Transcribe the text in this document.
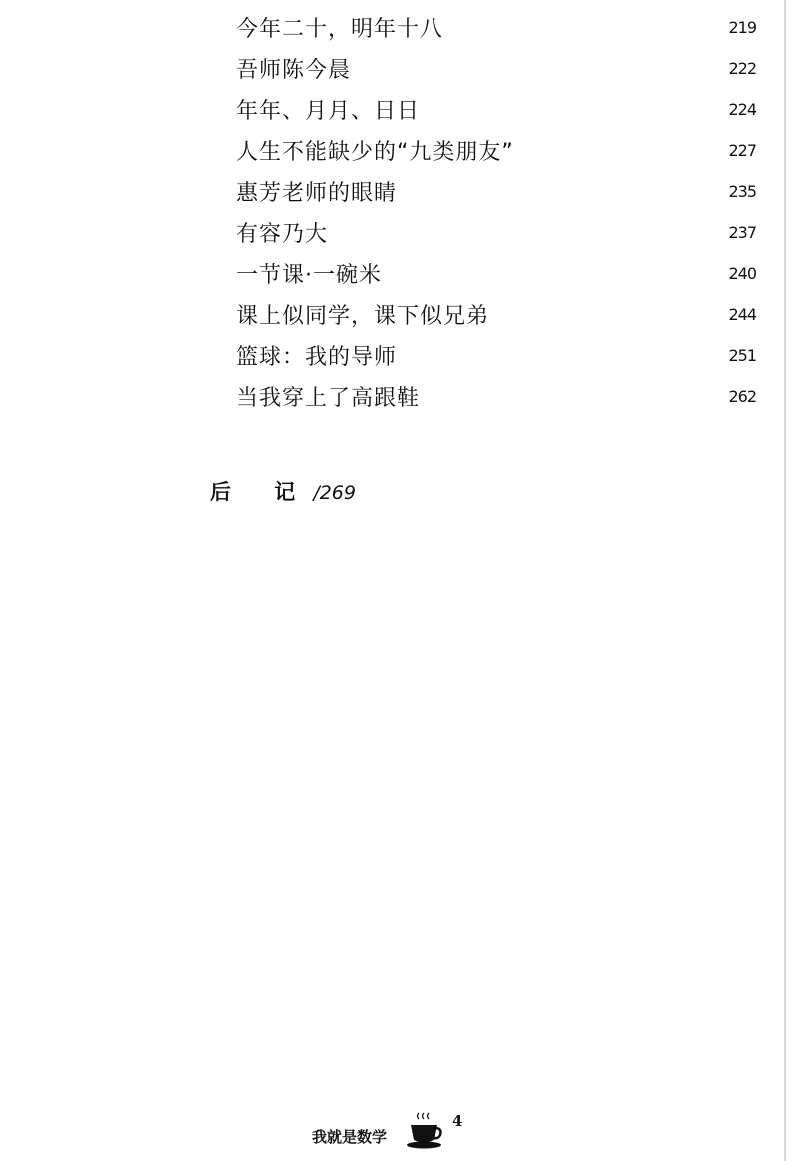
今年二十，明年十八	219
吾师陈今晨	222
年年、月月、日日	224
人生不能缺少的“九类朋友”	227
惠芳老师的眼睛	235
有容乃大	237
一节课·一碗米	240
课上似同学，课下似兄弟	244
篮球：我的导师	251
当我穿上了高跟鞋	262
后 记/269
我就是数学
4
